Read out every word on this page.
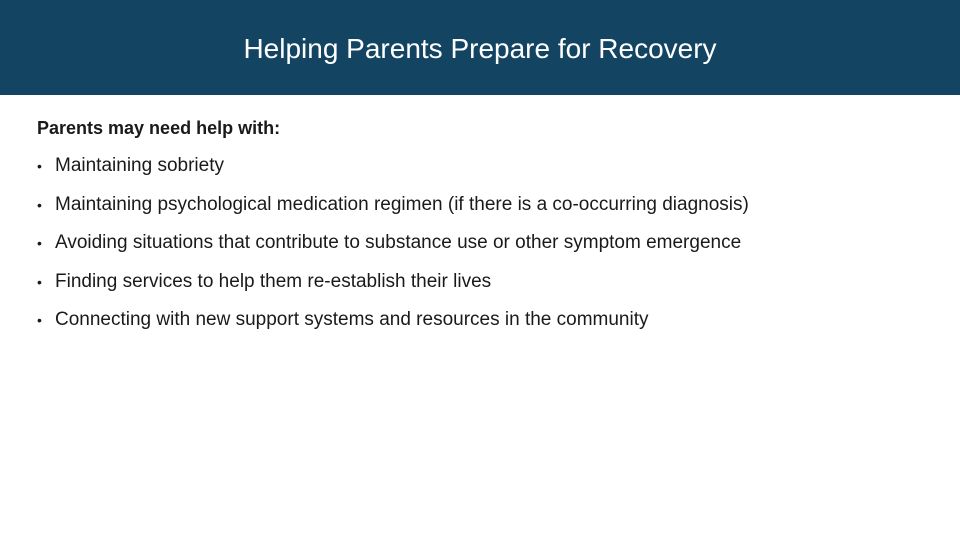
Helping Parents Prepare for Recovery

Parents may need help with:

• Maintaining sobriety
• Maintaining psychological medication regimen (if there is a co-occurring diagnosis)
• Avoiding situations that contribute to substance use or other symptom emergence
• Finding services to help them re-establish their lives
• Connecting with new support systems and resources in the community
